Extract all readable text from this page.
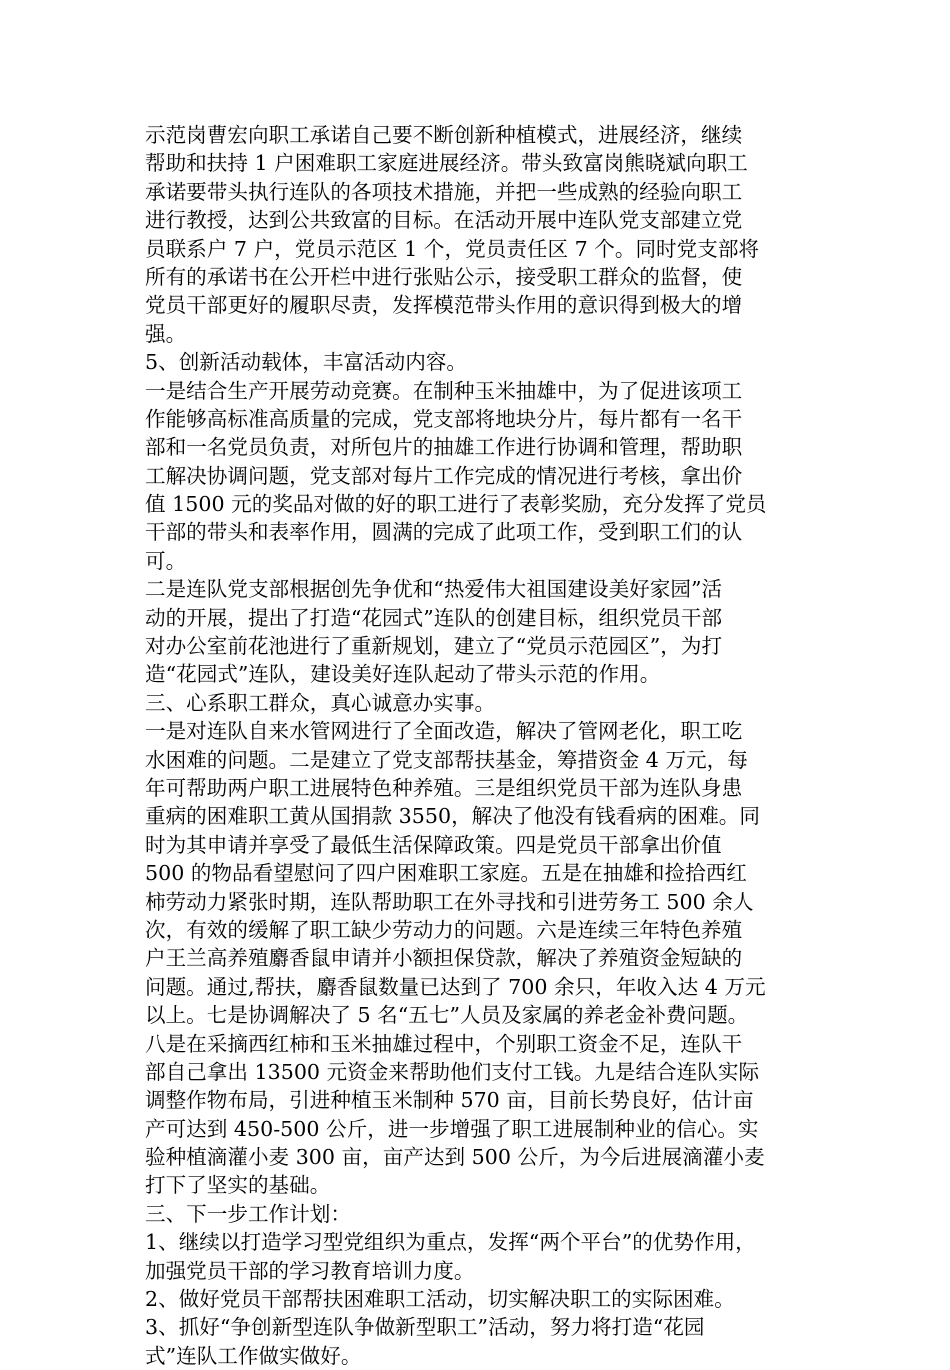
示范岗曹宏向职工承诺自己要不断创新种植模式，进展经济，继续
帮助和扶持 1 户困难职工家庭进展经济。带头致富岗熊晓斌向职工
承诺要带头执行连队的各项技术措施，并把一些成熟的经验向职工
进行教授，达到公共致富的目标。在活动开展中连队党支部建立党
员联系户 7 户，党员示范区 1 个，党员责任区 7 个。同时党支部将
所有的承诺书在公开栏中进行张贴公示，接受职工群众的监督，使
党员干部更好的履职尽责，发挥模范带头作用的意识得到极大的增
强。
5、创新活动载体，丰富活动内容。
一是结合生产开展劳动竞赛。在制种玉米抽雄中，为了促进该项工
作能够高标准高质量的完成，党支部将地块分片，每片都有一名干
部和一名党员负责，对所包片的抽雄工作进行协调和管理，帮助职
工解决协调问题，党支部对每片工作完成的情况进行考核，拿出价
值 1500 元的奖品对做的好的职工进行了表彰奖励，充分发挥了党员
干部的带头和表率作用，圆满的完成了此项工作，受到职工们的认
可。
二是连队党支部根据创先争优和“热爱伟大祖国建设美好家园”活
动的开展，提出了打造“花园式”连队的创建目标，组织党员干部
对办公室前花池进行了重新规划，建立了“党员示范园区”，为打
造“花园式”连队，建设美好连队起动了带头示范的作用。
三、心系职工群众，真心诚意办实事。
一是对连队自来水管网进行了全面改造，解决了管网老化，职工吃
水困难的问题。二是建立了党支部帮扶基金，筹措资金 4 万元，每
年可帮助两户职工进展特色种养殖。三是组织党员干部为连队身患
重病的困难职工黄从国捐款 3550，解决了他没有钱看病的困难。同
时为其申请并享受了最低生活保障政策。四是党员干部拿出价值
500 的物品看望慰问了四户困难职工家庭。五是在抽雄和捡拾西红
柿劳动力紧张时期，连队帮助职工在外寻找和引进劳务工 500 余人
次，有效的缓解了职工缺少劳动力的问题。六是连续三年特色养殖
户王兰高养殖麝香鼠申请并小额担保贷款，解决了养殖资金短缺的
问题。通过,帮扶，麝香鼠数量已达到了 700 余只，年收入达 4 万元
以上。七是协调解决了 5 名“五七”人员及家属的养老金补费问题。
八是在采摘西红柿和玉米抽雄过程中，个别职工资金不足，连队干
部自己拿出 13500 元资金来帮助他们支付工钱。九是结合连队实际
调整作物布局，引进种植玉米制种 570 亩，目前长势良好，估计亩
产可达到 450-500 公斤，进一步增强了职工进展制种业的信心。实
验种植滴灌小麦 300 亩，亩产达到 500 公斤，为今后进展滴灌小麦
打下了坚实的基础。
三、下一步工作计划：
1、继续以打造学习型党组织为重点，发挥“两个平台”的优势作用，
加强党员干部的学习教育培训力度。
2、做好党员干部帮扶困难职工活动，切实解决职工的实际困难。
3、抓好“争创新型连队争做新型职工”活动，努力将打造“花园
式”连队工作做实做好。
